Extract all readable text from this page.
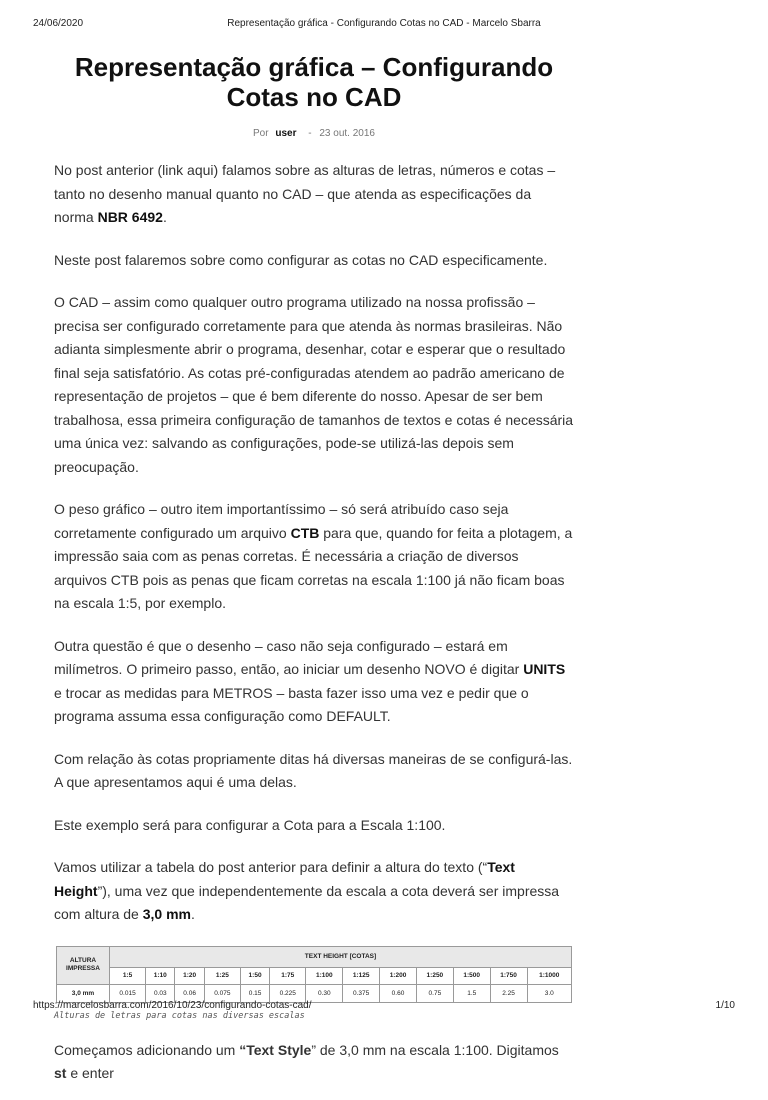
24/06/2020	Representação gráfica - Configurando Cotas no CAD - Marcelo Sbarra
Representação gráfica – Configurando Cotas no CAD
Por user - 23 out. 2016

No post anterior (link aqui) falamos sobre as alturas de letras, números e cotas – tanto no desenho manual quanto no CAD – que atenda as especificações da norma NBR 6492.

Neste post falaremos sobre como configurar as cotas no CAD especificamente.

O CAD – assim como qualquer outro programa utilizado na nossa profissão – precisa ser configurado corretamente para que atenda às normas brasileiras. Não adianta simplesmente abrir o programa, desenhar, cotar e esperar que o resultado final seja satisfatório. As cotas pré-configuradas atendem ao padrão americano de representação de projetos – que é bem diferente do nosso. Apesar de ser bem trabalhosa, essa primeira configuração de tamanhos de textos e cotas é necessária uma única vez: salvando as configurações, pode-se utilizá-las depois sem preocupação.

O peso gráfico – outro item importantíssimo – só será atribuído caso seja corretamente configurado um arquivo CTB para que, quando for feita a plotagem, a impressão saia com as penas corretas. É necessária a criação de diversos arquivos CTB pois as penas que ficam corretas na escala 1:100 já não ficam boas na escala 1:5, por exemplo.

Outra questão é que o desenho – caso não seja configurado – estará em milímetros. O primeiro passo, então, ao iniciar um desenho NOVO é digitar UNITS e trocar as medidas para METROS – basta fazer isso uma vez e pedir que o programa assuma essa configuração como DEFAULT.

Com relação às cotas propriamente ditas há diversas maneiras de se configurá-las. A que apresentamos aqui é uma delas.

Este exemplo será para configurar a Cota para a Escala 1:100.

Vamos utilizar a tabela do post anterior para definir a altura do texto (“Text Height”), uma vez que independentemente da escala a cota deverá ser impressa com altura de 3,0 mm.

ALTURA IMPRESSA	TEXT HEIGHT [COTAS]												
	1:5	1:10	1:20	1:25	1:50	1:75	1:100	1:125	1:200	1:250	1:500	1:750	1:1000
3,0 mm	0.015	0.03	0.06	0.075	0.15	0.225	0.30	0.375	0.60	0.75	1.5	2.25	3.0
Alturas de letras para cotas nas diversas escalas

Começamos adicionando um “Text Style” de 3,0 mm na escala 1:100. Digitamos st e enter

https://marcelosbarra.com/2016/10/23/configurando-cotas-cad/	1/10
